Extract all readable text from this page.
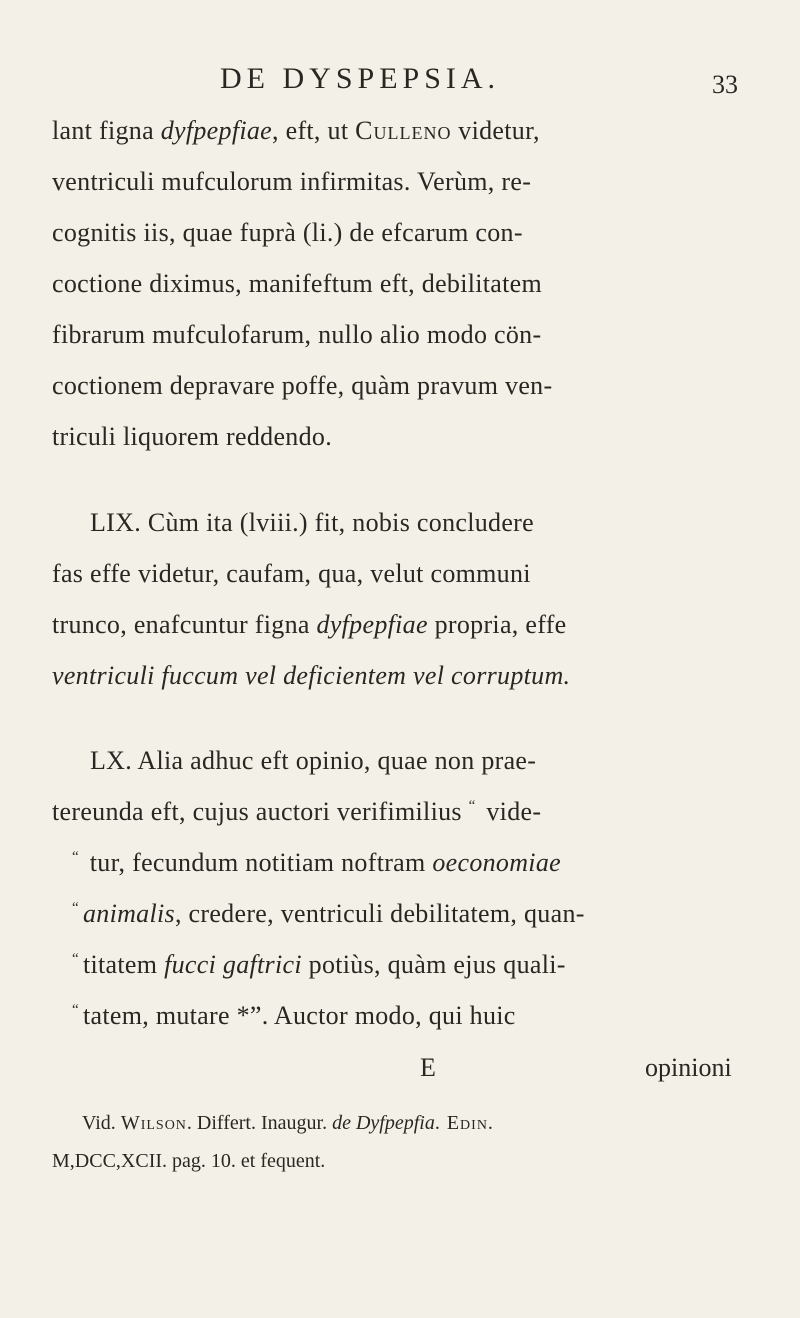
DE DYSPEPSIA.	33
lant figna dyfpepfiae, eft, ut Culleno videtur,
ventriculi mufculorum infirmitas. Verùm, re-
cognitis iis, quae fuprà (li.) de efcarum con-
coctione diximus, manifeftum eft, debilitatem
fibrarum mufculofarum, nullo alio modo cön-
coctionem depravare poffe, quàm pravum ven-
triculi liquorem reddendo.
LIX. Cùm ita (lviii.) fit, nobis concludere
fas effe videtur, caufam, qua, velut communi
trunco, enafcuntur figna dyfpepfiae propria, effe
ventriculi fuccum vel deficientem vel corruptum.
LX. Alia adhuc eft opinio, quae non prae-
tereunda eft, cujus auctori verifimilius “ vide-
“ tur, fecundum notitiam noftram oeconomiae
“ animalis, credere, ventriculi debilitatem, quan-
“ titatem fucci gaftrici potiùs, quàm ejus quali-
“ tatem, mutare *”. Auctor modo, qui huic
E	opinioni
Vid. Wilson. Differt. Inaugur. de Dyfpepfia. Edin.
M,DCC,XCII. pag. 10. et fequent.
